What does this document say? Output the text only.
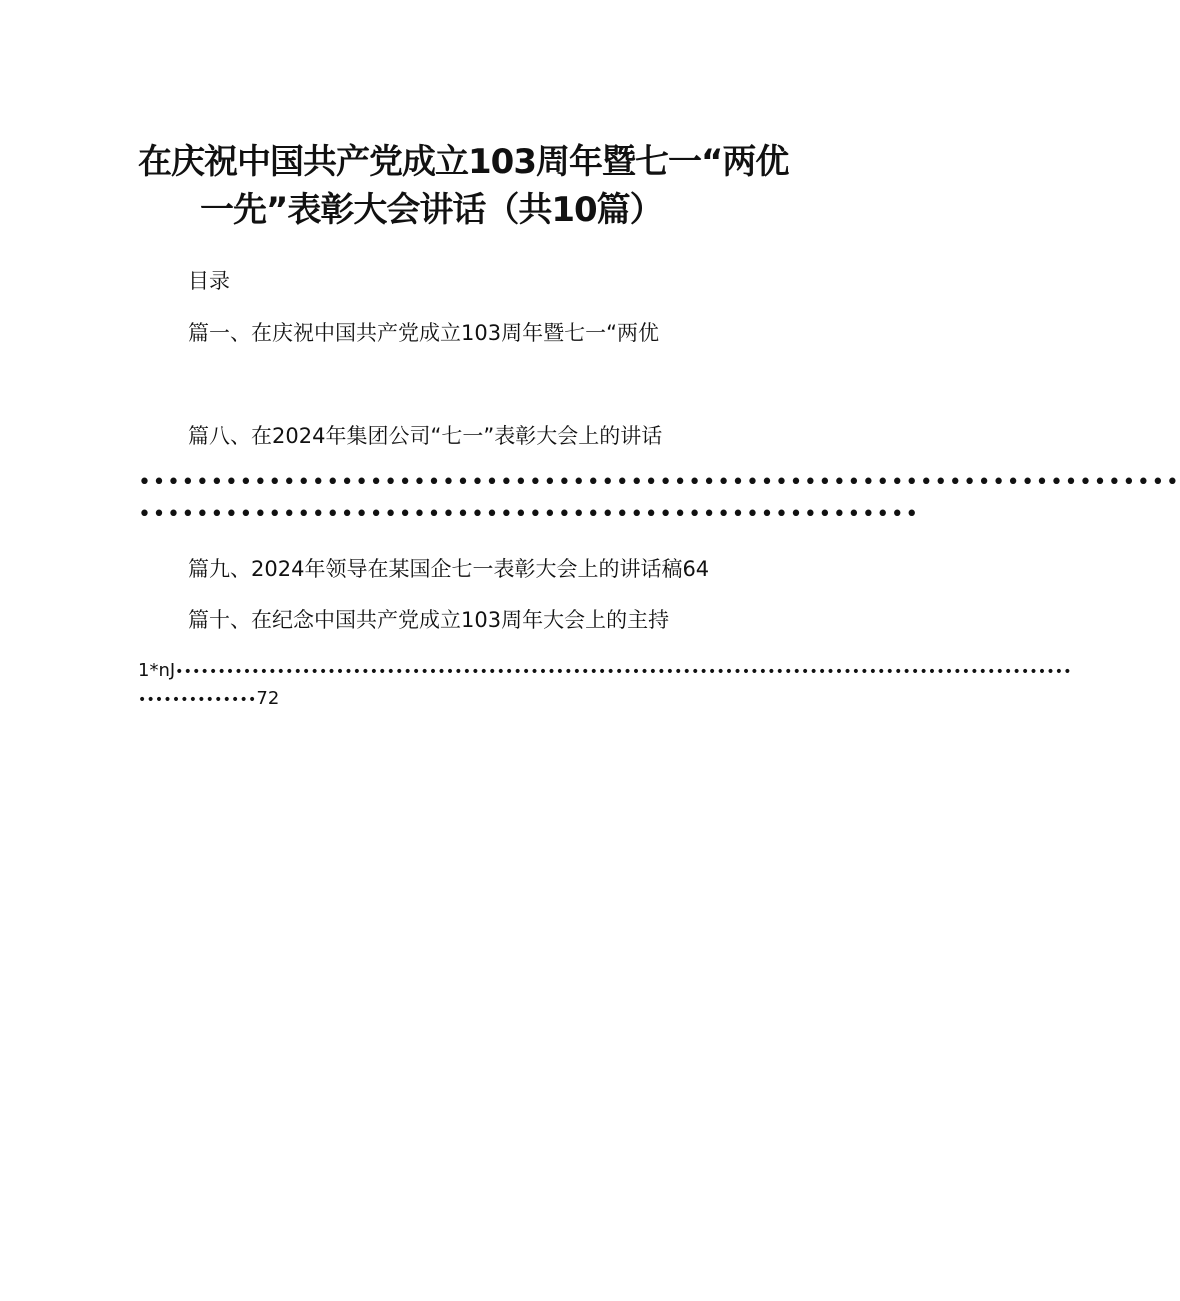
在庆祝中国共产党成立103周年暨七一“两优
一先”表彰大会讲话（共10篇）

目录

篇一、在庆祝中国共产党成立103周年暨七一“两优

篇八、在2024年集团公司“七一”表彰大会上的讲话

••••••••••••••••••••••••••••••••••••••••••••••••••••••••••••••••••••••••

••••••••••••••••••••••••••••••••••••••••••••••••••••••

篇九、2024年领导在某国企七一表彰大会上的讲话稿64

篇十、在纪念中国共产党成立103周年大会上的主持

1*nJ••••••••••••••••••••••••••••••••••••••••••••••••••••••••••••••••••••••••••••••••••••••••••••••••••••••••••

••••••••••••••72
